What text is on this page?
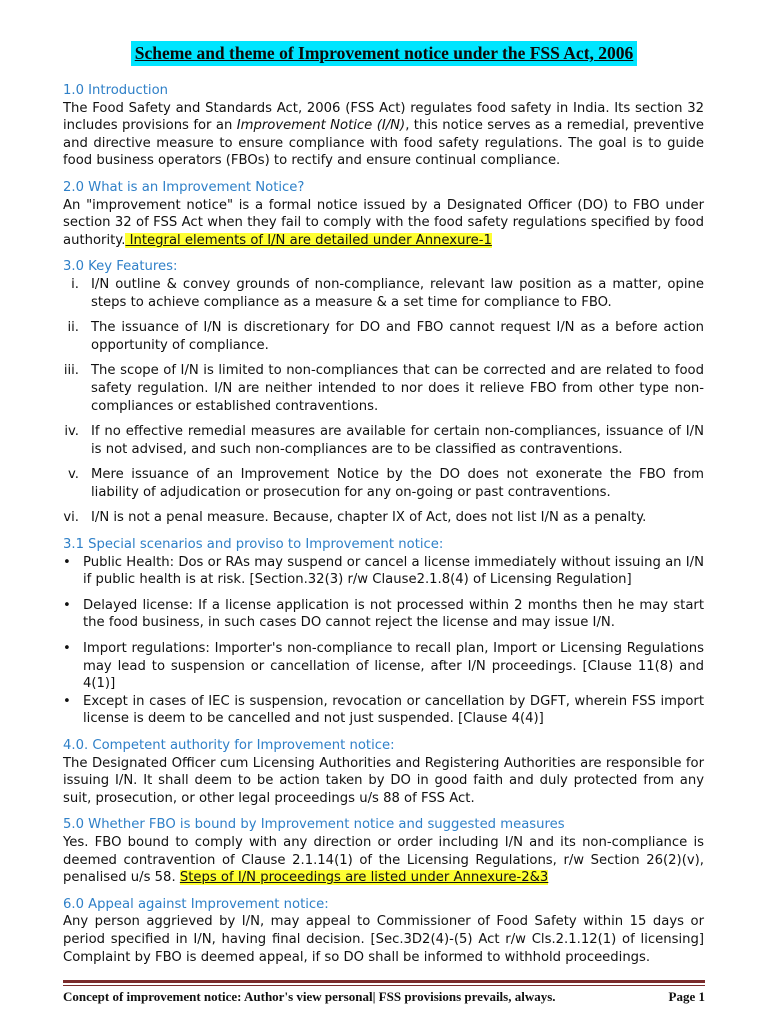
Scheme and theme of Improvement notice under the FSS Act, 2006
1.0 Introduction

The Food Safety and Standards Act, 2006 (FSS Act) regulates food safety in India. Its section 32 includes provisions for an Improvement Notice (I/N), this notice serves as a remedial, preventive and directive measure to ensure compliance with food safety regulations. The goal is to guide food business operators (FBOs) to rectify and ensure continual compliance.

2.0 What is an Improvement Notice?

An "improvement notice" is a formal notice issued by a Designated Officer (DO) to FBO under section 32 of FSS Act when they fail to comply with the food safety regulations specified by food authority. Integral elements of I/N are detailed under Annexure-1

3.0 Key Features:
i. I/N outline & convey grounds of non-compliance, relevant law position as a matter, opine steps to achieve compliance as a measure & a set time for compliance to FBO.
ii. The issuance of I/N is discretionary for DO and FBO cannot request I/N as a before action opportunity of compliance.
iii. The scope of I/N is limited to non-compliances that can be corrected and are related to food safety regulation. I/N are neither intended to nor does it relieve FBO from other type non-compliances or established contraventions.
iv. If no effective remedial measures are available for certain non-compliances, issuance of I/N is not advised, and such non-compliances are to be classified as contraventions.
v. Mere issuance of an Improvement Notice by the DO does not exonerate the FBO from liability of adjudication or prosecution for any on-going or past contraventions.
vi. I/N is not a penal measure. Because, chapter IX of Act, does not list I/N as a penalty.
3.1 Special scenarios and proviso to Improvement notice:
• Public Health: Dos or RAs may suspend or cancel a license immediately without issuing an I/N if public health is at risk. [Section.32(3) r/w Clause2.1.8(4) of Licensing Regulation]
• Delayed license: If a license application is not processed within 2 months then he may start the food business, in such cases DO cannot reject the license and may issue I/N.
• Import regulations: Importer's non-compliance to recall plan, Import or Licensing Regulations may lead to suspension or cancellation of license, after I/N proceedings. [Clause 11(8) and 4(1)]
• Except in cases of IEC is suspension, revocation or cancellation by DGFT, wherein FSS import license is deem to be cancelled and not just suspended. [Clause 4(4)]
4.0. Competent authority for Improvement notice:

The Designated Officer cum Licensing Authorities and Registering Authorities are responsible for issuing I/N. It shall deem to be action taken by DO in good faith and duly protected from any suit, prosecution, or other legal proceedings u/s 88 of FSS Act.

5.0 Whether FBO is bound by Improvement notice and suggested measures

Yes. FBO bound to comply with any direction or order including I/N and its non-compliance is deemed contravention of Clause 2.1.14(1) of the Licensing Regulations, r/w Section 26(2)(v), penalised u/s 58. Steps of I/N proceedings are listed under Annexure-2&3

6.0 Appeal against Improvement notice:

Any person aggrieved by I/N, may appeal to Commissioner of Food Safety within 15 days or period specified in I/N, having final decision. [Sec.3D2(4)-(5) Act r/w Cls.2.1.12(1) of licensing] Complaint by FBO is deemed appeal, if so DO shall be informed to withhold proceedings.

Concept of improvement notice: Author's view personal| FSS provisions prevails, always.	Page 1
